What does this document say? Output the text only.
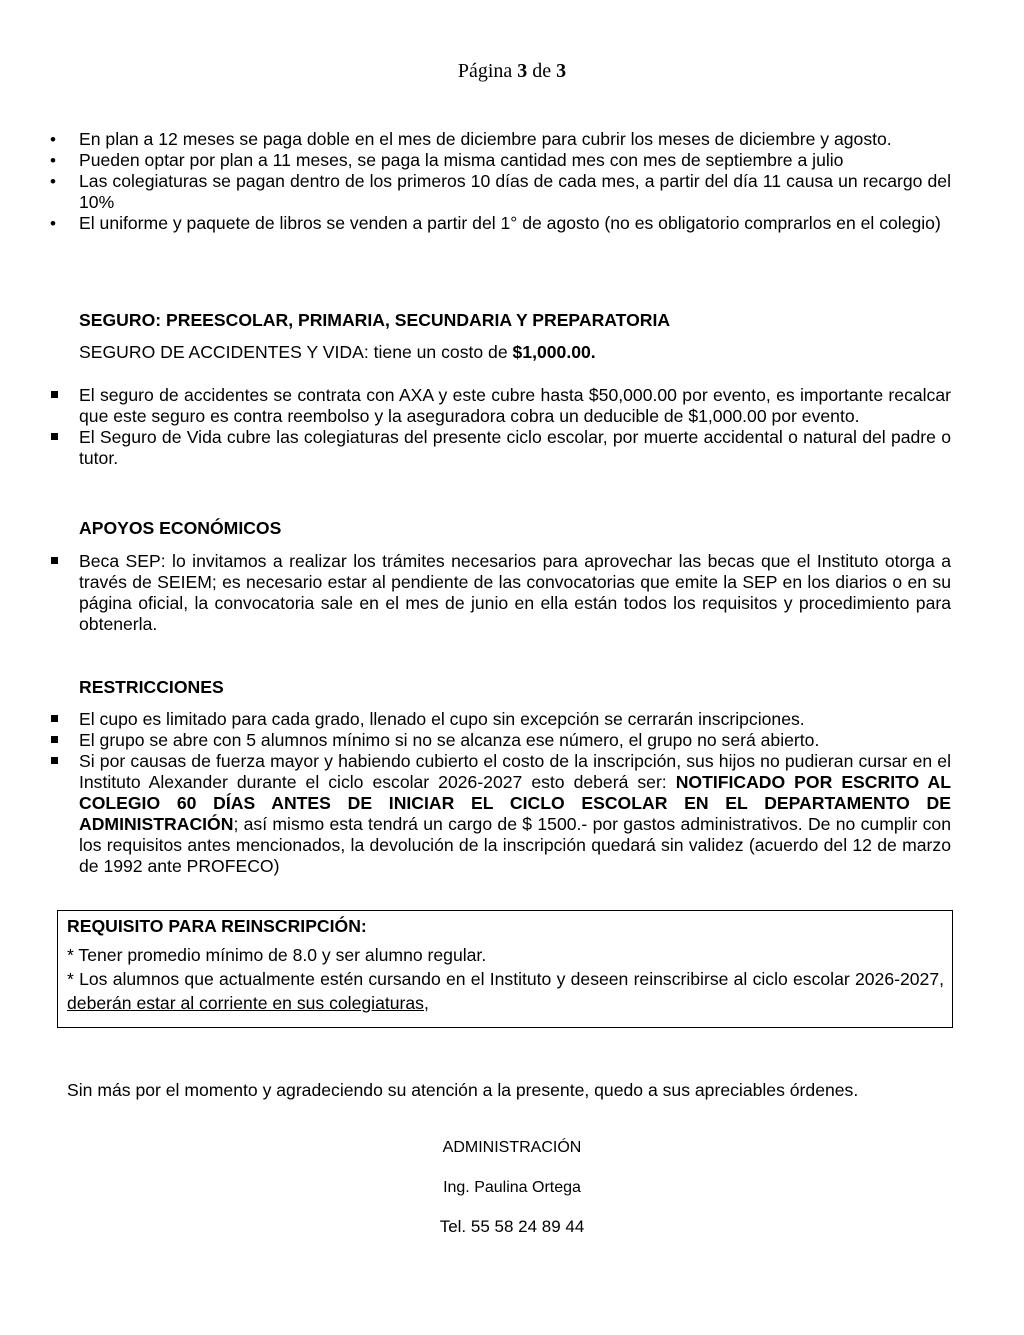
Página 3 de 3
•
En plan a 12 meses se paga doble en el mes de diciembre para cubrir los meses de diciembre y agosto.
•
Pueden optar por plan a 11 meses, se paga la misma cantidad mes con mes de septiembre a julio
•
Las colegiaturas se pagan dentro de los primeros 10 días de cada mes, a partir del día 11 causa un recargo del 10%
•
El uniforme y paquete de libros se venden a partir del 1° de agosto (no es obligatorio comprarlos en el colegio)
SEGURO: PREESCOLAR, PRIMARIA, SECUNDARIA Y PREPARATORIA
SEGURO DE ACCIDENTES Y VIDA: tiene un costo de $1,000.00.
El seguro de accidentes se contrata con AXA y este cubre hasta $50,000.00 por evento, es importante recalcar que este seguro es contra reembolso y la aseguradora cobra un deducible de $1,000.00 por evento.
El Seguro de Vida cubre las colegiaturas del presente ciclo escolar, por muerte accidental o natural del padre o tutor.
APOYOS ECONÓMICOS
Beca SEP: lo invitamos a realizar los trámites necesarios para aprovechar las becas que el Instituto otorga a través de SEIEM; es necesario estar al pendiente de las convocatorias que emite la SEP en los diarios o en su página oficial, la convocatoria sale en el mes de junio en ella están todos los requisitos y procedimiento para obtenerla.
RESTRICCIONES
El cupo es limitado para cada grado, llenado el cupo sin excepción se cerrarán inscripciones.
El grupo se abre con 5 alumnos mínimo si no se alcanza ese número, el grupo no será abierto.
Si por causas de fuerza mayor y habiendo cubierto el costo de la inscripción, sus hijos no pudieran cursar en el Instituto Alexander durante el ciclo escolar 2026-2027 esto deberá ser: NOTIFICADO POR ESCRITO AL COLEGIO 60 DÍAS ANTES DE INICIAR EL CICLO ESCOLAR EN EL DEPARTAMENTO DE ADMINISTRACIÓN; así mismo esta tendrá un cargo de $ 1500.- por gastos administrativos. De no cumplir con los requisitos antes mencionados, la devolución de la inscripción quedará sin validez (acuerdo del 12 de marzo de 1992 ante PROFECO)
REQUISITO PARA REINSCRIPCIÓN:
* Tener promedio mínimo de 8.0 y ser alumno regular.
* Los alumnos que actualmente estén cursando en el Instituto y deseen reinscribirse al ciclo escolar 2026-2027, deberán estar al corriente en sus colegiaturas,
Sin más por el momento y agradeciendo su atención a la presente, quedo a sus apreciables órdenes.
ADMINISTRACIÓN
Ing. Paulina Ortega
Tel. 55 58 24 89 44
